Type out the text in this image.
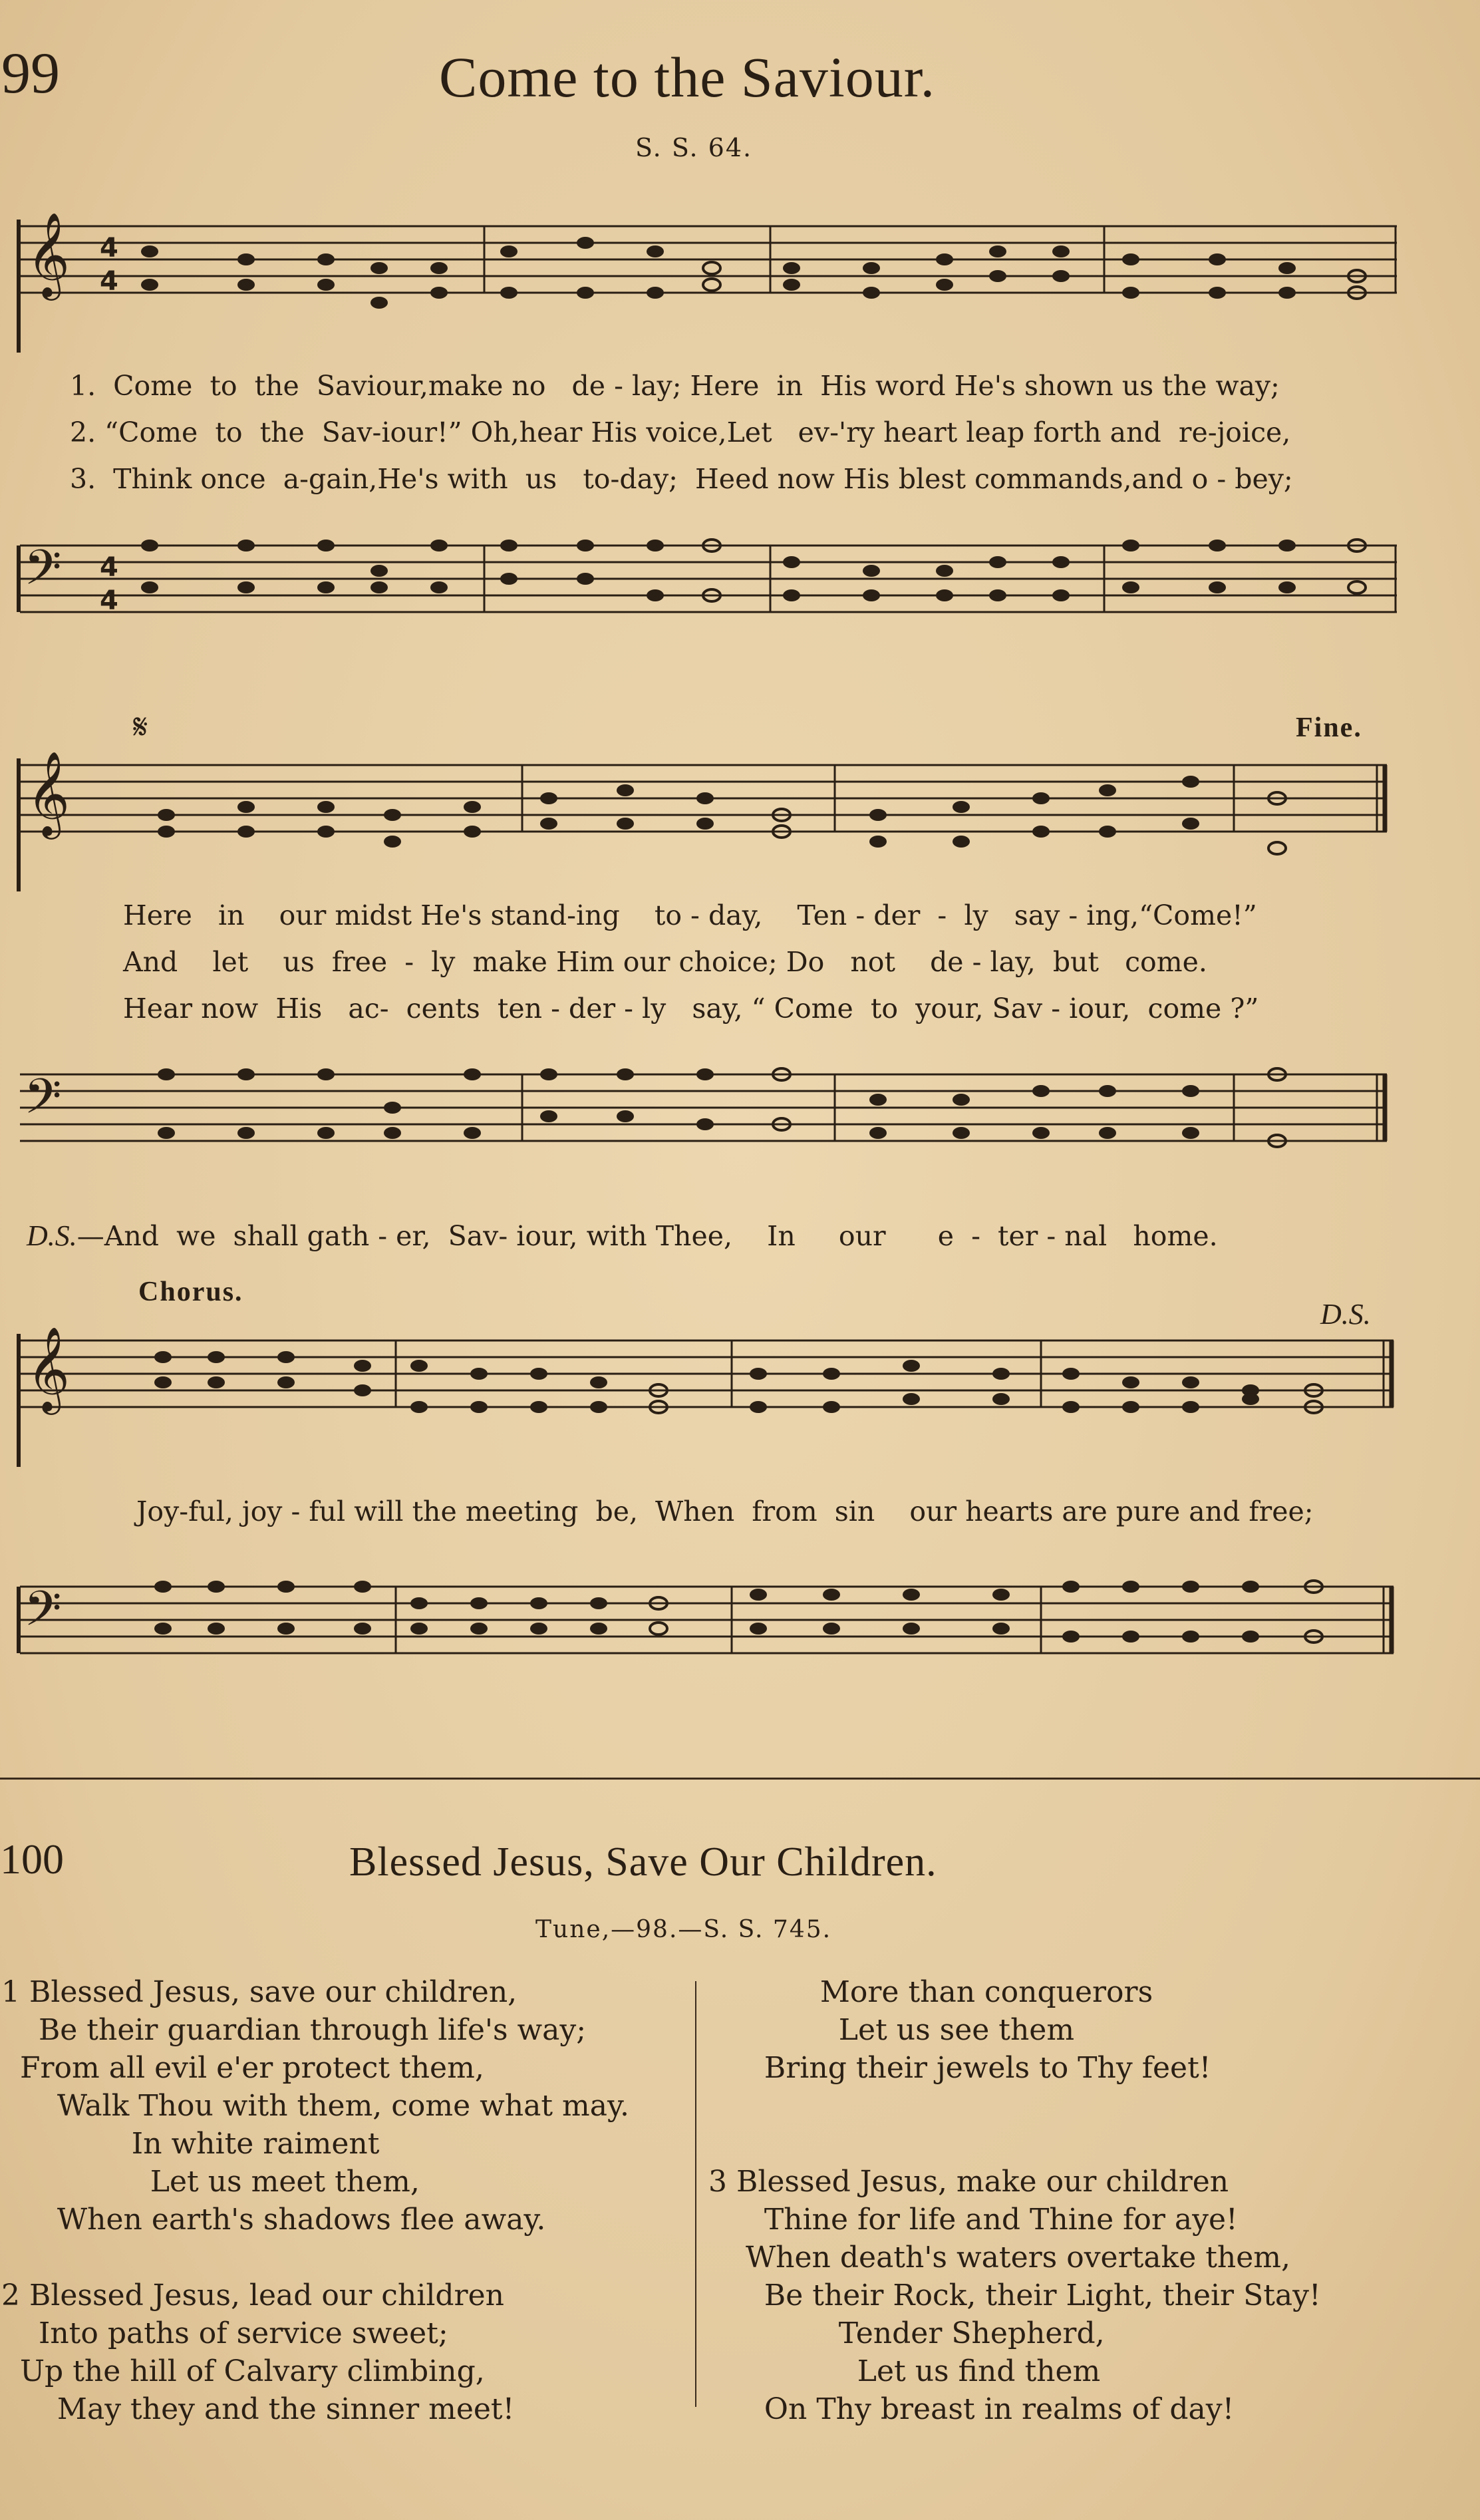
99	Come to the Saviour.
S. S. 64.
𝄞 4
4
1.  Come  to  the  Saviour,make no   de - lay; Here  in  His word He's shown us the way;
2. “Come  to  the  Sav-iour!” Oh,hear His voice,Let   ev-'ry heart leap forth and  re-joice,
3.  Think once  a-gain,He's with  us   to-day;  Heed now His blest commands,and o - bey;
𝄢 4
4
𝄋	Fine.
𝄞
Here   in    our midst He's stand-ing    to - day,    Ten - der  -  ly   say - ing,“Come!”
And    let    us  free  -  ly  make Him our choice; Do   not    de - lay,  but   come.
Hear now  His   ac-  cents  ten - der - ly   say, “ Come  to  your, Sav - iour,  come ?”
𝄢
D.S.—And  we  shall gath - er,  Sav- iour, with Thee,    In     our      e  -  ter - nal   home.
Chorus.
D.S.
𝄞
Joy-ful, joy - ful will the meeting  be,  When  from  sin    our hearts are pure and free;
𝄢
100	Blessed Jesus, Save Our Children.
Tune,—98.—S. S. 745.
1 Blessed Jesus, save our children,
Be their guardian through life's way;
From all evil e'er protect them,
Walk Thou with them, come what may.
In white raiment
Let us meet them,
When earth's shadows flee away.
2 Blessed Jesus, lead our children
Into paths of service sweet;
Up the hill of Calvary climbing,
May they and the sinner meet!
More than conquerors
Let us see them
Bring their jewels to Thy feet!
3 Blessed Jesus, make our children
Thine for life and Thine for aye!
When death's waters overtake them,
Be their Rock, their Light, their Stay!
Tender Shepherd,
Let us find them
On Thy breast in realms of day!
